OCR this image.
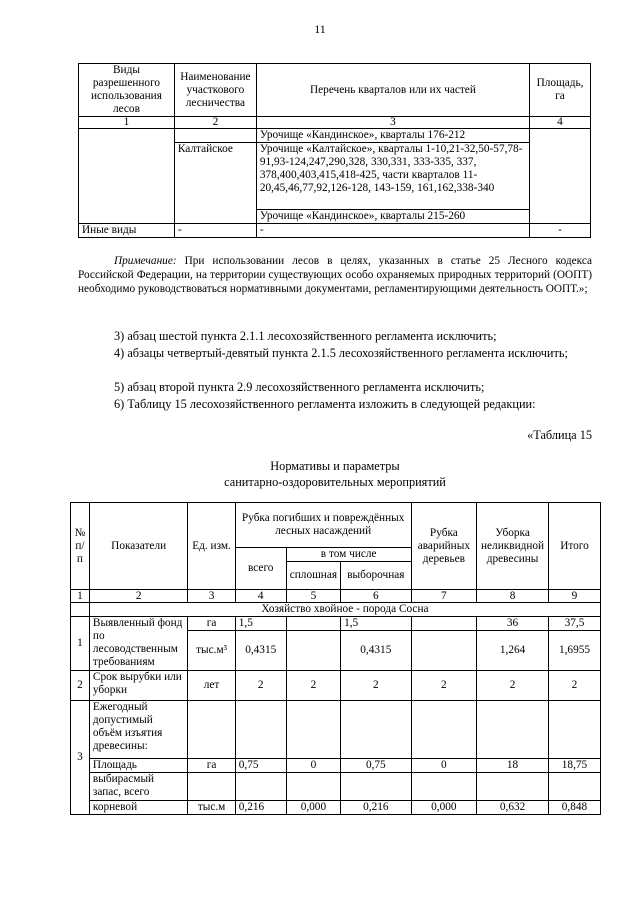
11
Виды разрешенного использования лесов	Наименование участкового лесничества	Перечень кварталов или их частей	Площадь, га
1	2	3	4
		Урочище «Кандинское», кварталы 176-212	
	Калтайское	Урочище «Калтайское», кварталы 1-10,21-32,50-57,78-91,93-124,247,290,328, 330,331, 333-335, 337, 378,400,403,415,418-425, части кварталов 11-20,45,46,77,92,126-128, 143-159, 161,162,338-340	
		Урочище «Кандинское», кварталы 215-260	
Иные виды	-	-	-
Примечание: При использовании лесов в целях, указанных в статье 25 Лесного кодекса Российской Федерации, на территории существующих особо охраняемых природных территорий (ООПТ) необходимо руководствоваться нормативными документами, регламентирующими деятельность ООПТ.»;
3) абзац шестой пункта 2.1.1 лесохозяйственного регламента исключить;
4) абзацы четвертый-девятый пункта 2.1.5 лесохозяйственного регламента исключить;
5) абзац второй пункта 2.9 лесохозяйственного регламента исключить;
6) Таблицу 15 лесохозяйственного регламента изложить в следующей редакции:
«Таблица 15
Нормативы и параметры
санитарно-оздоровительных мероприятий
№ п/п	Показатели	Ед. изм.	Рубка погибших и повреждённых лесных насаждений			Рубка аварийных деревьев	Уборка неликвидной древесины	Итого
			всего	в том числе				
				сплошная	выборочная			
1	2	3	4	5	6	7	8	9
	Хозяйство хвойное - порода Сосна							
1	Выявленный фонд по лесоводственным требованиям	га	1,5		1,5		36	37,5
		тыс.м³	0,4315		0,4315		1,264	1,6955
2	Срок вырубки или уборки	лет	2	2	2	2	2	2
3	Ежегодный допустимый объём изъятия древесины:							
	Площадь	га	0,75	0	0,75	0	18	18,75
	выбирасмый запас, всего							
	корневой	тыс.м	0,216	0,000	0,216	0,000	0,632	0,848
